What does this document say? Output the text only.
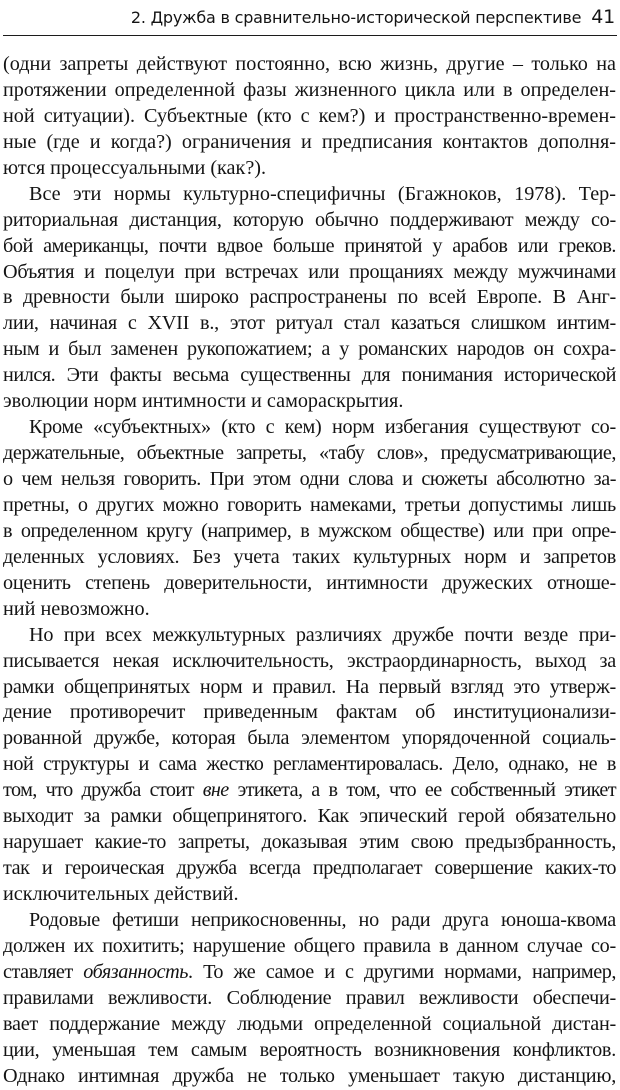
2. Дружба в сравнительно-исторической перспективе 41

(одни запреты действуют постоянно, всю жизнь, другие – только на
протяжении определенной фазы жизненного цикла или в определен-
ной ситуации). Субъектные (кто с кем?) и пространственно-времен-
ные (где и когда?) ограничения и предписания контактов дополня-
ются процессуальными (как?).

Все эти нормы культурно-специфичны (Бгажноков, 1978). Тер-
риториальная дистанция, которую обычно поддерживают между со-
бой американцы, почти вдвое больше принятой у арабов или греков.
Объятия и поцелуи при встречах или прощаниях между мужчинами
в древности были широко распространены по всей Европе. В Анг-
лии, начиная с XVII в., этот ритуал стал казаться слишком интим-
ным и был заменен рукопожатием; а у романских народов он сохра-
нился. Эти факты весьма существенны для понимания исторической
эволюции норм интимности и самораскрытия.

Кроме «субъектных» (кто с кем) норм избегания существуют со-
держательные, объектные запреты, «табу слов», предусматривающие,
о чем нельзя говорить. При этом одни слова и сюжеты абсолютно за-
претны, о других можно говорить намеками, третьи допустимы лишь
в определенном кругу (например, в мужском обществе) или при опре-
деленных условиях. Без учета таких культурных норм и запретов
оценить степень доверительности, интимности дружеских отноше-
ний невозможно.

Но при всех межкультурных различиях дружбе почти везде при-
писывается некая исключительность, экстраординарность, выход за
рамки общепринятых норм и правил. На первый взгляд это утверж-
дение противоречит приведенным фактам об институционализи-
рованной дружбе, которая была элементом упорядоченной социаль-
ной структуры и сама жестко регламентировалась. Дело, однако, не в
том, что дружба стоит вне этикета, а в том, что ее собственный этикет
выходит за рамки общепринятого. Как эпический герой обязательно
нарушает какие-то запреты, доказывая этим свою предызбранность,
так и героическая дружба всегда предполагает совершение каких-то
исключительных действий.

Родовые фетиши неприкосновенны, но ради друга юноша-квома
должен их похитить; нарушение общего правила в данном случае со-
ставляет обязанность. То же самое и с другими нормами, например,
правилами вежливости. Соблюдение правил вежливости обеспечи-
вает поддержание между людьми определенной социальной дистан-
ции, уменьшая тем самым вероятность возникновения конфликтов.
Однако интимная дружба не только уменьшает такую дистанцию,
